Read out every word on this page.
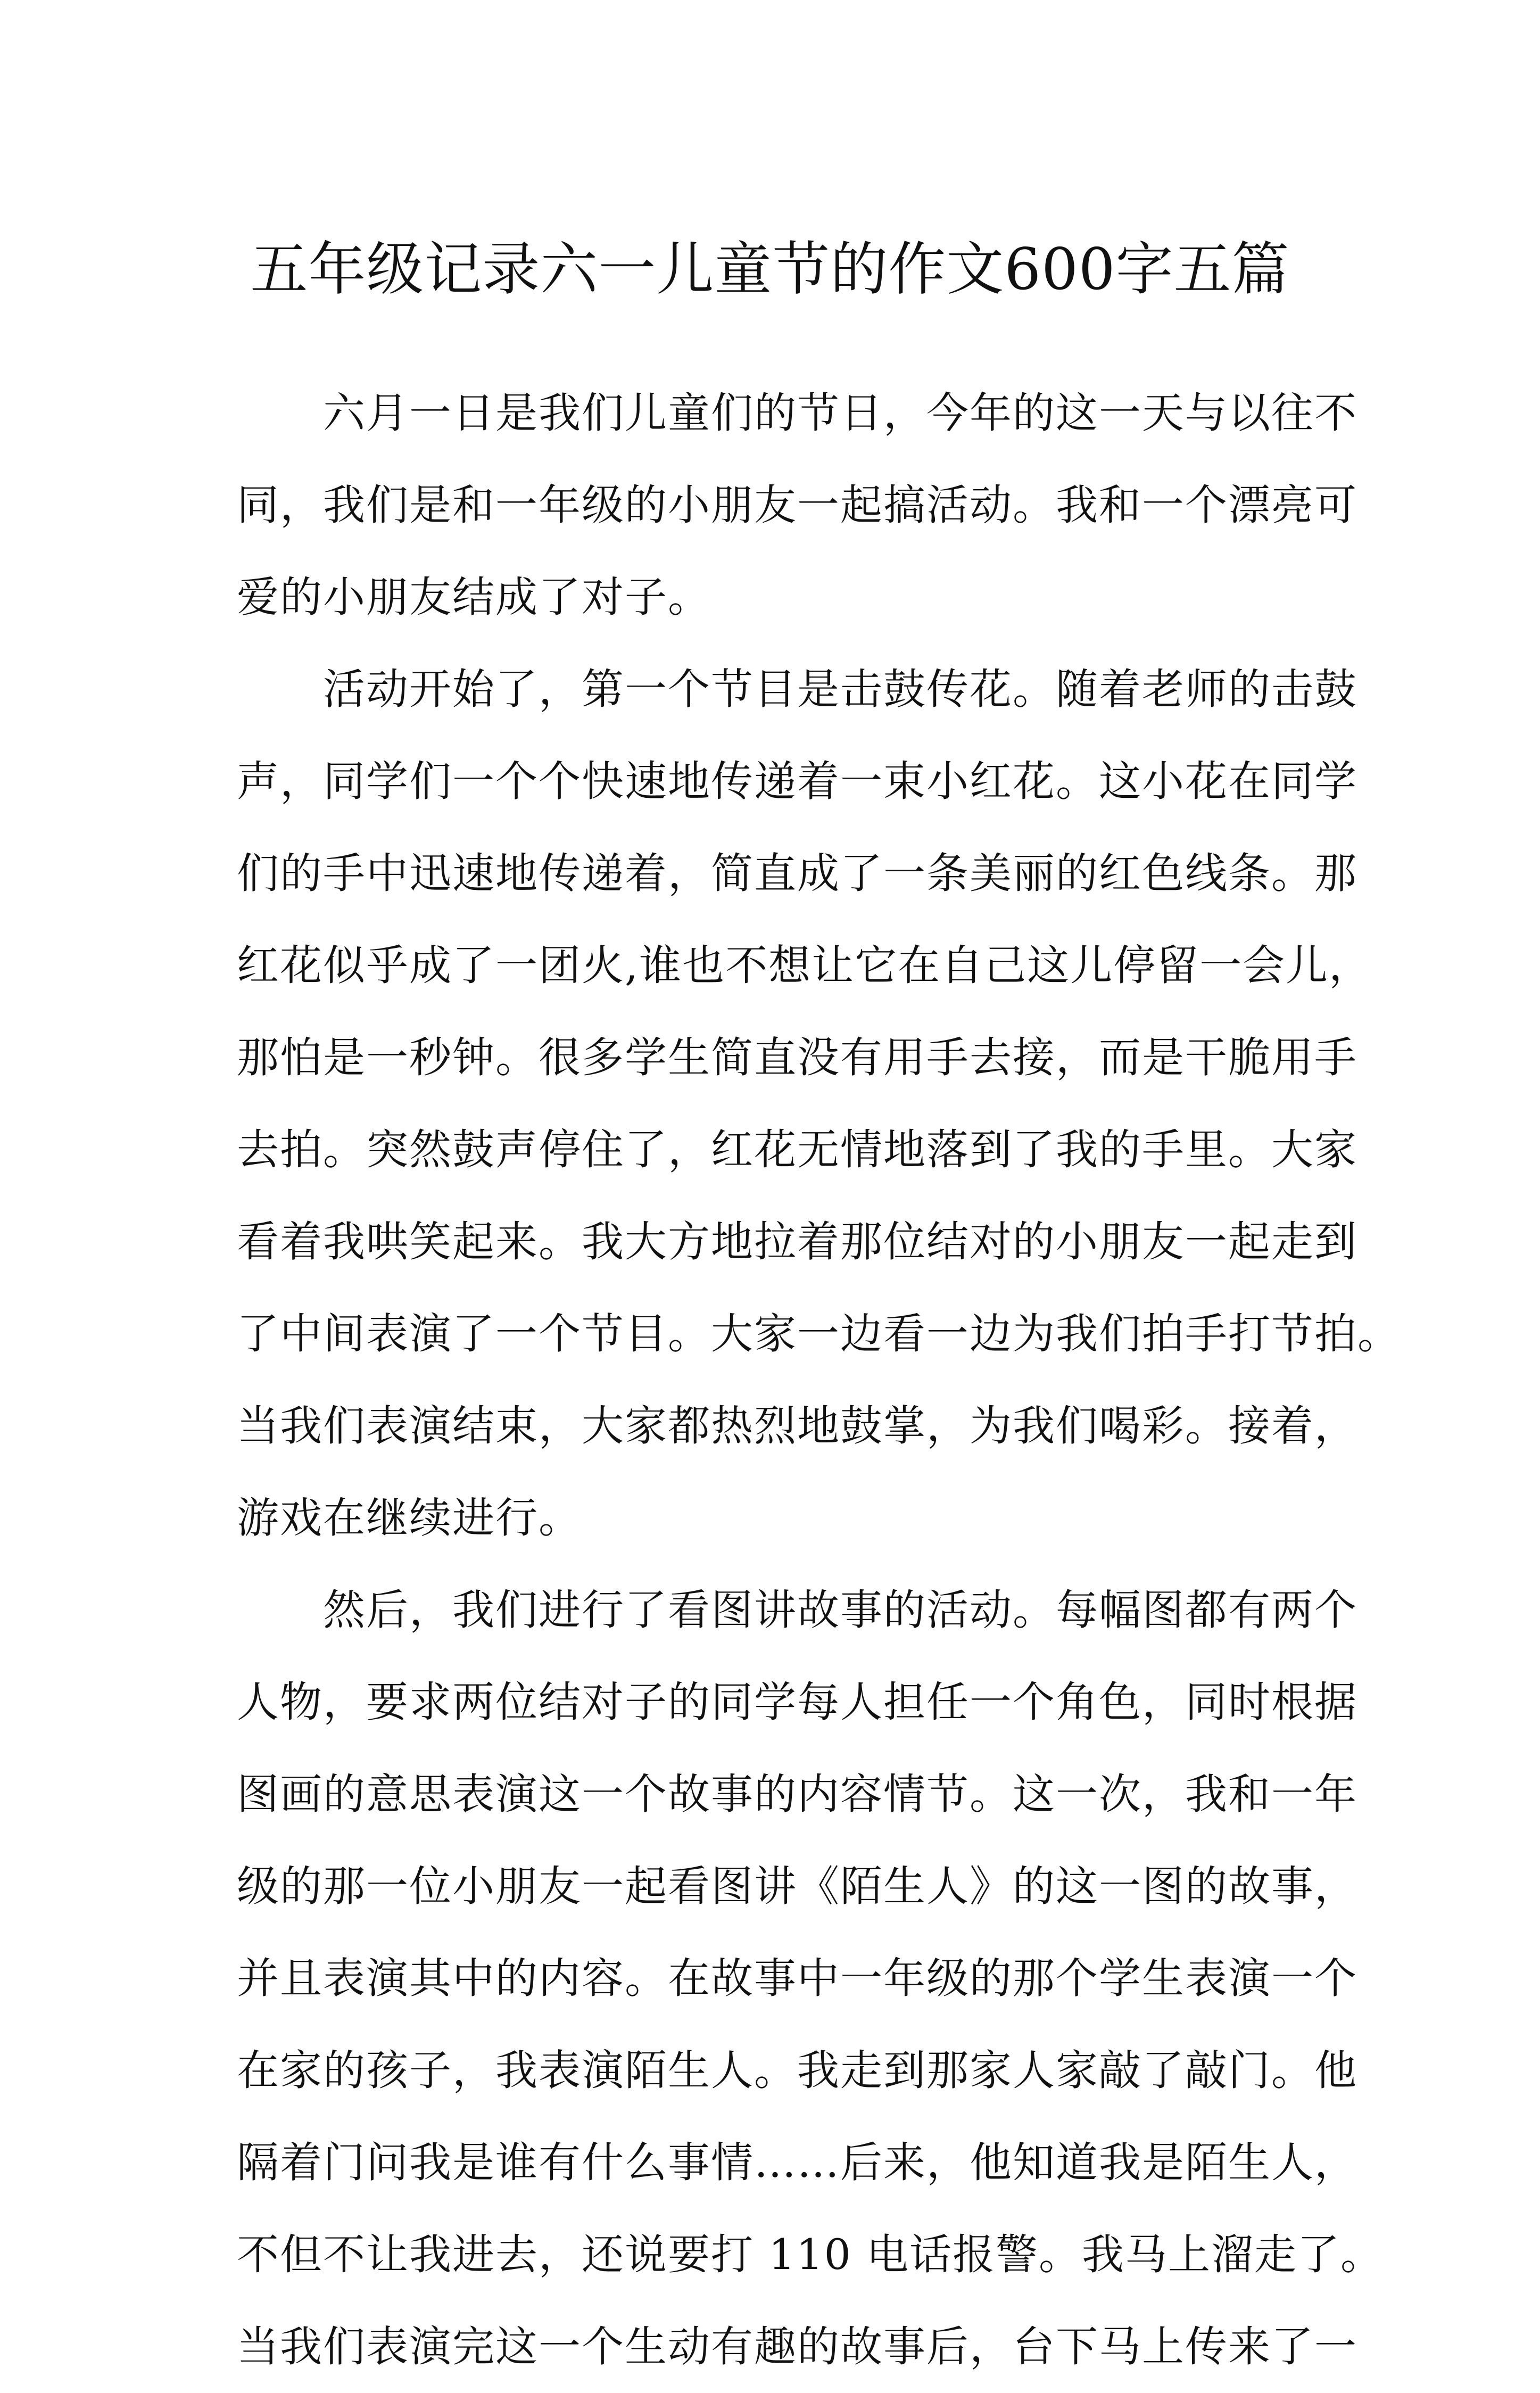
五年级记录六一儿童节的作文600字五篇

六月一日是我们儿童们的节日，今年的这一天与以往不
同，我们是和一年级的小朋友一起搞活动。我和一个漂亮可
爱的小朋友结成了对子。

活动开始了，第一个节目是击鼓传花。随着老师的击鼓
声，同学们一个个快速地传递着一束小红花。这小花在同学
们的手中迅速地传递着，简直成了一条美丽的红色线条。那
红花似乎成了一团火,谁也不想让它在自己这儿停留一会儿，
那怕是一秒钟。很多学生简直没有用手去接，而是干脆用手
去拍。突然鼓声停住了，红花无情地落到了我的手里。大家
看着我哄笑起来。我大方地拉着那位结对的小朋友一起走到
了中间表演了一个节目。大家一边看一边为我们拍手打节拍。
当我们表演结束，大家都热烈地鼓掌，为我们喝彩。接着，
游戏在继续进行。

然后，我们进行了看图讲故事的活动。每幅图都有两个
人物，要求两位结对子的同学每人担任一个角色，同时根据
图画的意思表演这一个故事的内容情节。这一次，我和一年
级的那一位小朋友一起看图讲《陌生人》的这一图的故事，
并且表演其中的内容。在故事中一年级的那个学生表演一个
在家的孩子，我表演陌生人。我走到那家人家敲了敲门。他
隔着门问我是谁有什么事情……后来，他知道我是陌生人，
不但不让我进去，还说要打 110 电话报警。我马上溜走了。
当我们表演完这一个生动有趣的故事后，台下马上传来了一
